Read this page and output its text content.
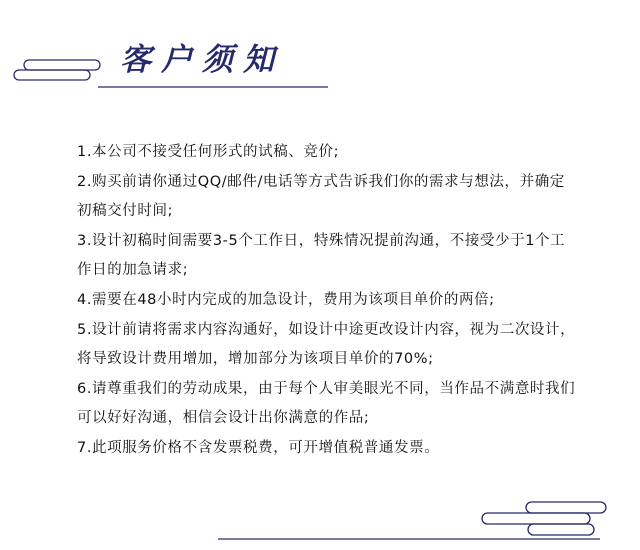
客户须知
1.本公司不接受任何形式的试稿、竞价;
2.购买前请你通过QQ/邮件/电话等方式告诉我们你的需求与想法，并确定初稿交付时间;
3.设计初稿时间需要3-5个工作日，特殊情况提前沟通，不接受少于1个工作日的加急请求;
4.需要在48小时内完成的加急设计，费用为该项目单价的两倍;
5.设计前请将需求内容沟通好，如设计中途更改设计内容，视为二次设计，将导致设计费用增加，增加部分为该项目单价的70%;
6.请尊重我们的劳动成果，由于每个人审美眼光不同，当作品不满意时我们可以好好沟通，相信会设计出你满意的作品;
7.此项服务价格不含发票税费，可开增值税普通发票。
